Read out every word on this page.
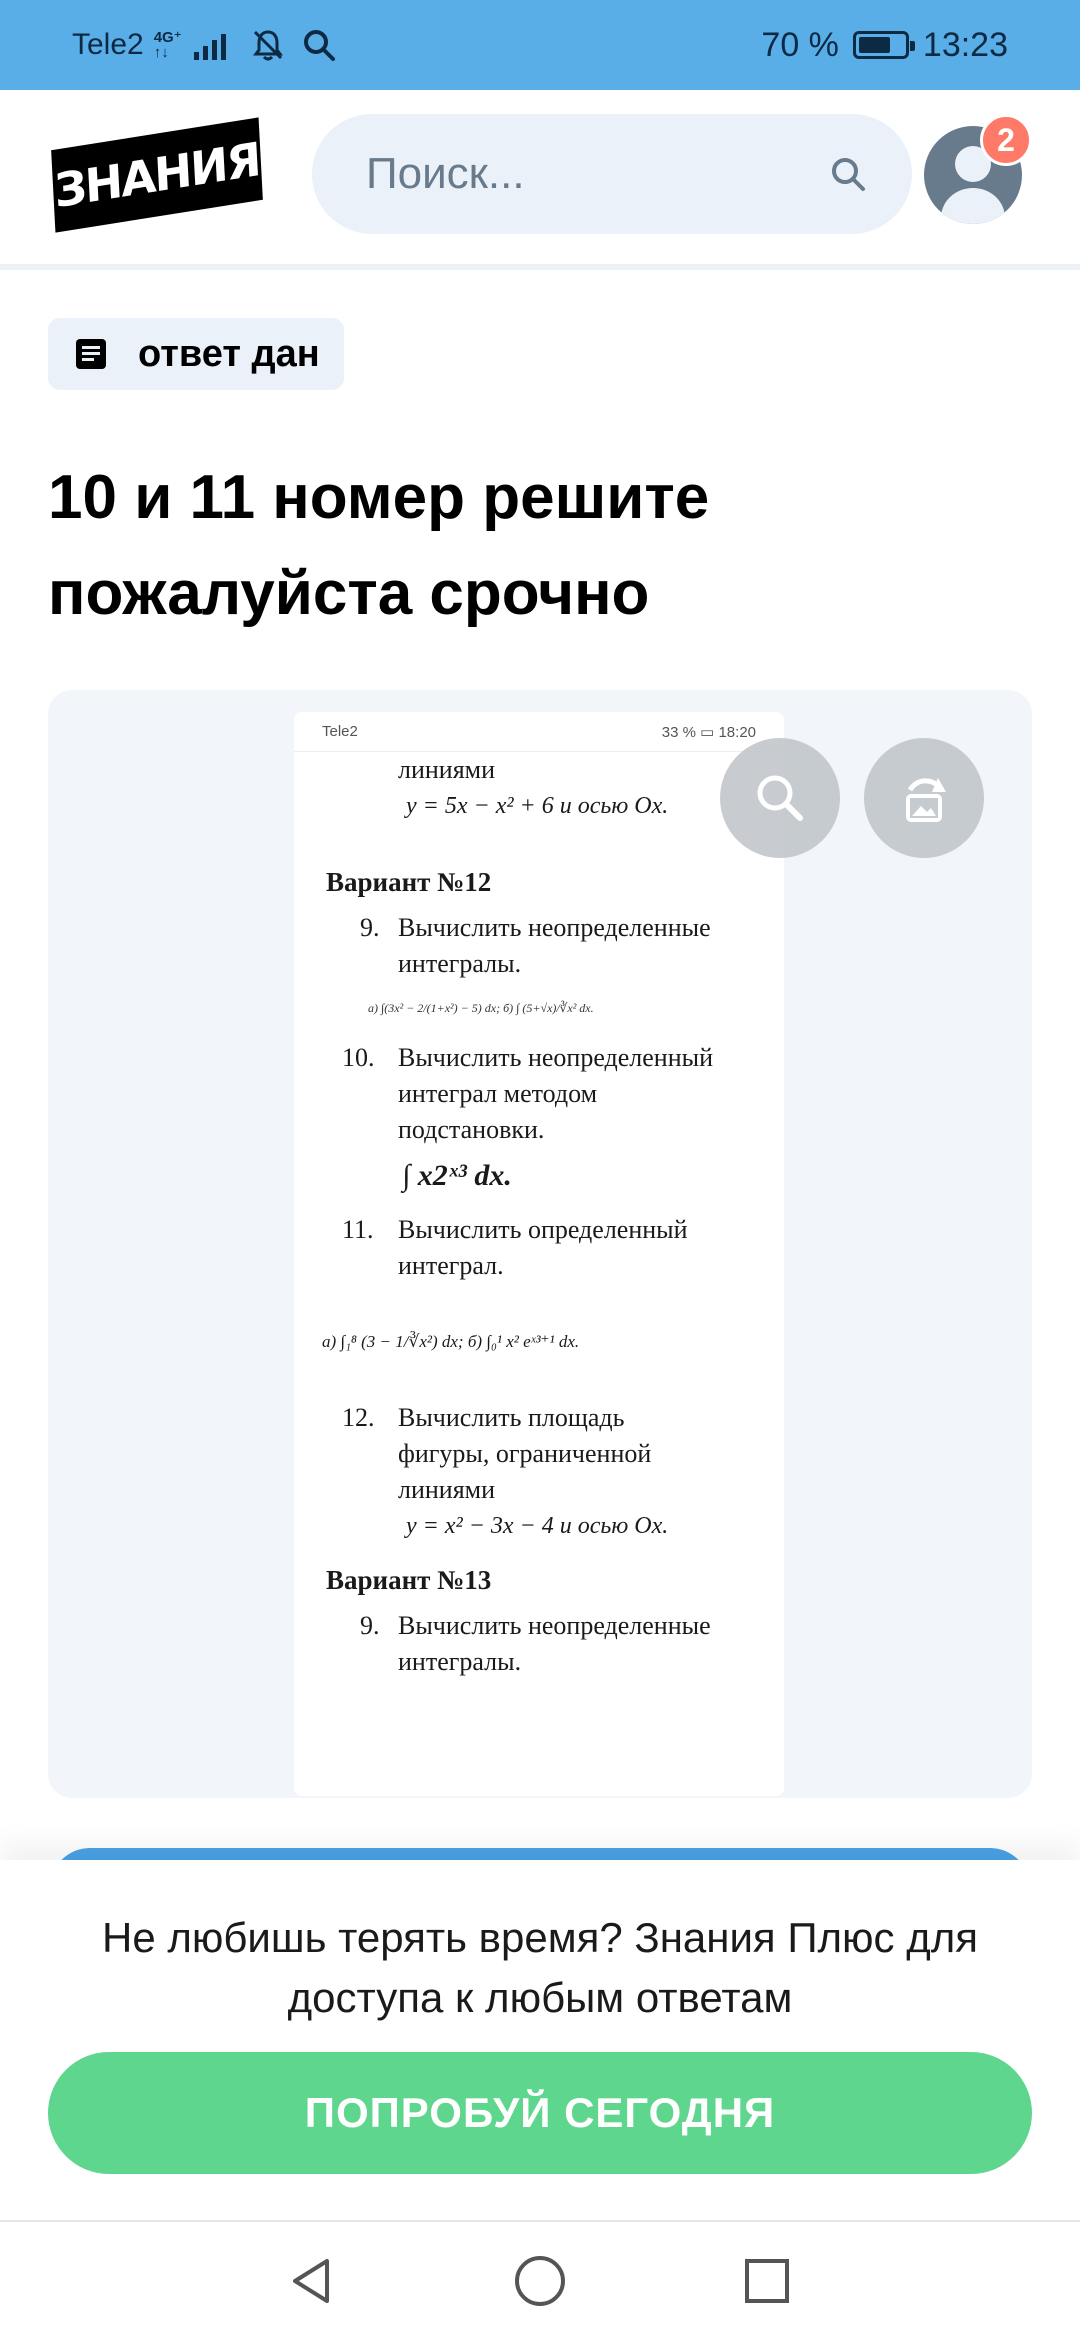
Tele2 4G⁺
↑↓	70 % 13:23
ЗНАНИЯ Поиск...
2
ответ дан
10 и 11 номер решите пожалуйста срочно
Tele2	33 % ▭ 18:20
линиями
y = 5x − x² + 6 и осью Ox.
Вариант №12
9. Вычислить неопределенные
интегралы.
а) ∫(3x² − 2/(1+x²) − 5) dx; б) ∫ (5+√x)/∛x² dx.
10. Вычислить неопределенный
интеграл методом
подстановки.
∫ x2ˣ³ dx.
11. Вычислить определенный
интеграл.
а) ∫₁⁸ (3 − 1/∛x²) dx; б) ∫₀¹ x² eˣ³⁺¹ dx.
12. Вычислить площадь
фигуры, ограниченной
линиями
y = x² − 3x − 4 и осью Ox.
Вариант №13
9. Вычислить неопределенные
интегралы.
Не любишь терять время? Знания Плюс для доступа к любым ответам
ПОПРОБУЙ СЕГОДНЯ
